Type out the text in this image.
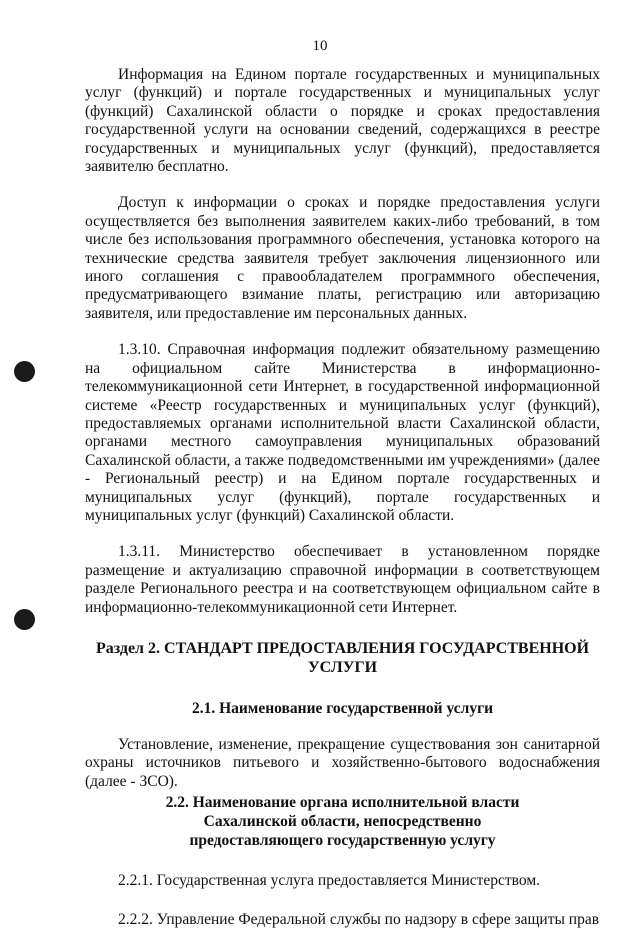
10

Информация на Едином портале государственных и муниципальных услуг (функций) и портале государственных и муниципальных услуг (функций) Сахалинской области о порядке и сроках предоставления государственной услуги на основании сведений, содержащихся в реестре государственных и муниципальных услуг (функций), предоставляется заявителю бесплатно.

Доступ к информации о сроках и порядке предоставления услуги осуществляется без выполнения заявителем каких-либо требований, в том числе без использования программного обеспечения, установка которого на технические средства заявителя требует заключения лицензионного или иного соглашения с правообладателем программного обеспечения, предусматривающего взимание платы, регистрацию или авторизацию заявителя, или предоставление им персональных данных.

1.3.10. Справочная информация подлежит обязательному размещению на официальном сайте Министерства в информационно-телекоммуникационной сети Интернет, в государственной информационной системе «Реестр государственных и муниципальных услуг (функций), предоставляемых органами исполнительной власти Сахалинской области, органами местного самоуправления муниципальных образований Сахалинской области, а также подведомственными им учреждениями» (далее - Региональный реестр) и на Едином портале государственных и муниципальных услуг (функций), портале государственных и муниципальных услуг (функций) Сахалинской области.

1.3.11. Министерство обеспечивает в установленном порядке размещение и актуализацию справочной информации в соответствующем разделе Регионального реестра и на соответствующем официальном сайте в информационно-телекоммуникационной сети Интернет.

Раздел 2. СТАНДАРТ ПРЕДОСТАВЛЕНИЯ ГОСУДАРСТВЕННОЙ
УСЛУГИ
2.1. Наименование государственной услуги

Установление, изменение, прекращение существования зон санитарной охраны источников питьевого и хозяйственно-бытового водоснабжения (далее - ЗСО).

2.2. Наименование органа исполнительной власти
Сахалинской области, непосредственно
предоставляющего государственную услугу

2.2.1. Государственная услуга предоставляется Министерством.

2.2.2. Управление Федеральной службы по надзору в сфере защиты прав
